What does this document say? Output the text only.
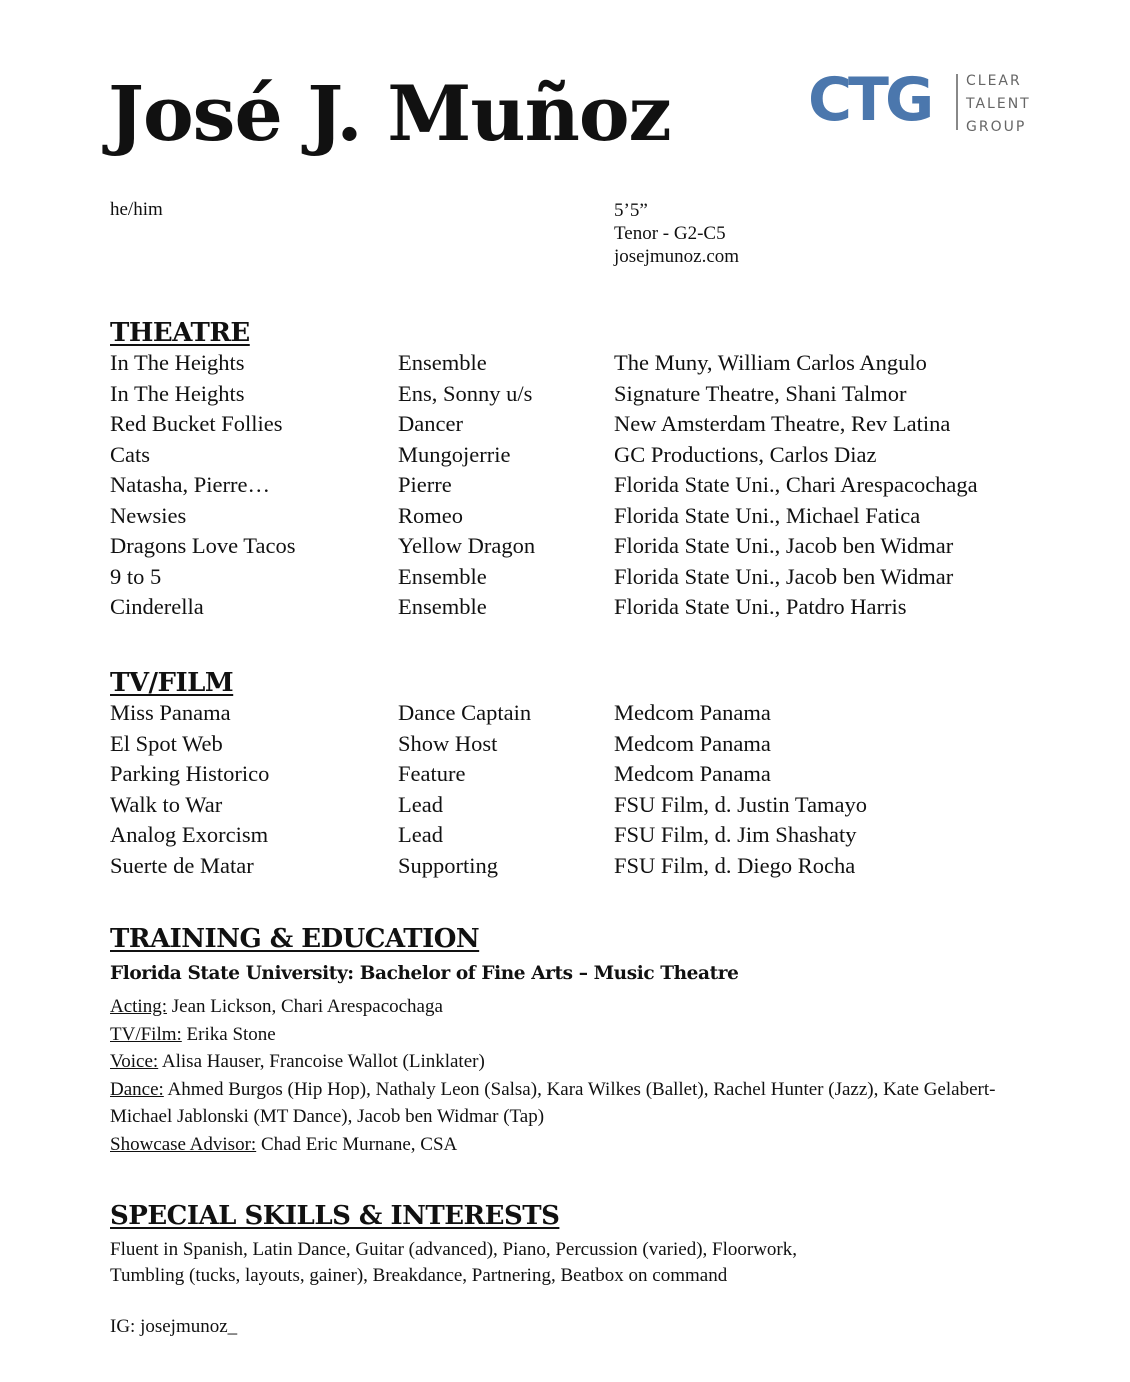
José J. Muñoz CTG	CLEAR
TALENT
GROUP
he/him	5’5”
Tenor - G2-C5
josejmunoz.com
THEATRE
In The Heights	Ensemble	The Muny, William Carlos Angulo
In The Heights	Ens, Sonny u/s	Signature Theatre, Shani Talmor
Red Bucket Follies	Dancer	New Amsterdam Theatre, Rev Latina
Cats	Mungojerrie	GC Productions, Carlos Diaz
Natasha, Pierre…	Pierre	Florida State Uni., Chari Arespacochaga
Newsies	Romeo	Florida State Uni., Michael Fatica
Dragons Love Tacos	Yellow Dragon	Florida State Uni., Jacob ben Widmar
9 to 5	Ensemble	Florida State Uni., Jacob ben Widmar
Cinderella	Ensemble	Florida State Uni., Patdro Harris
TV/FILM
Miss Panama	Dance Captain	Medcom Panama
El Spot Web	Show Host	Medcom Panama
Parking Historico	Feature	Medcom Panama
Walk to War	Lead	FSU Film, d. Justin Tamayo
Analog Exorcism	Lead	FSU Film, d. Jim Shashaty
Suerte de Matar	Supporting	FSU Film, d. Diego Rocha
TRAINING & EDUCATION
Florida State University: Bachelor of Fine Arts – Music Theatre
Acting: Jean Lickson, Chari Arespacochaga
TV/Film: Erika Stone
Voice: Alisa Hauser, Francoise Wallot (Linklater)
Dance: Ahmed Burgos (Hip Hop), Nathaly Leon (Salsa), Kara Wilkes (Ballet), Rachel Hunter (Jazz), Kate Gelabert-Michael Jablonski (MT Dance), Jacob ben Widmar (Tap)
Showcase Advisor: Chad Eric Murnane, CSA
SPECIAL SKILLS & INTERESTS
Fluent in Spanish, Latin Dance, Guitar (advanced), Piano, Percussion (varied), Floorwork,
Tumbling (tucks, layouts, gainer), Breakdance, Partnering, Beatbox on command
IG: josejmunoz_
